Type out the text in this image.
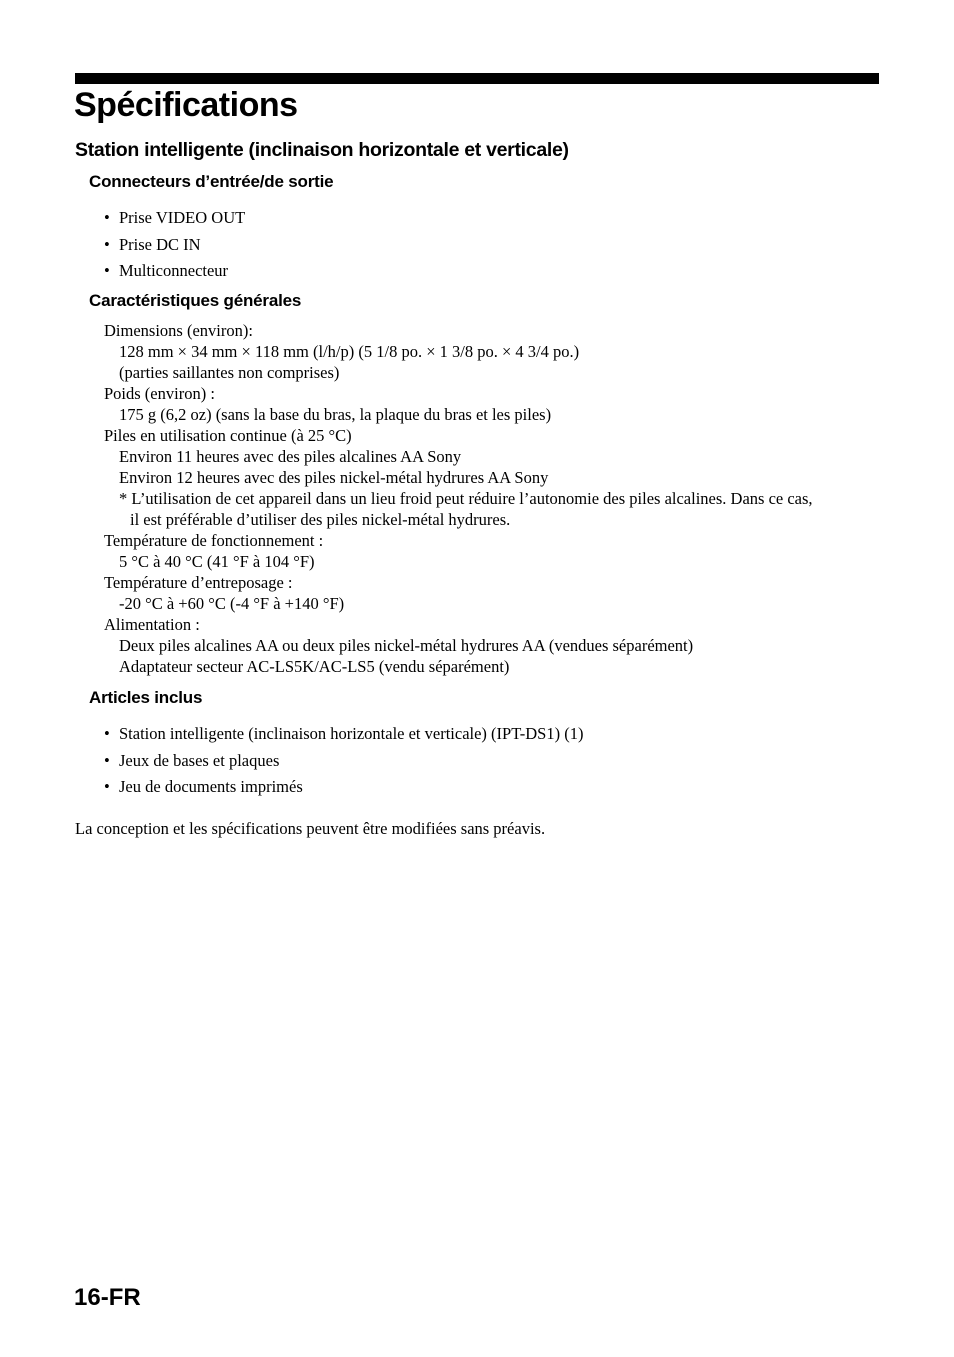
Spécifications
Station intelligente (inclinaison horizontale et verticale)
Connecteurs d’entrée/de sortie
• Prise VIDEO OUT
• Prise DC IN
• Multiconnecteur
Caractéristiques générales
Dimensions (environ):
128 mm × 34 mm × 118 mm (l/h/p) (5 1/8 po. × 1 3/8 po. × 4 3/4 po.)
(parties saillantes non comprises)
Poids (environ) :
175 g (6,2 oz) (sans la base du bras, la plaque du bras et les piles)
Piles en utilisation continue (à 25 °C)
Environ 11 heures avec des piles alcalines AA Sony
Environ 12 heures avec des piles nickel-métal hydrures AA Sony
* L’utilisation de cet appareil dans un lieu froid peut réduire l’autonomie des piles alcalines. Dans ce cas,
il est préférable d’utiliser des piles nickel-métal hydrures.
Température de fonctionnement :
5 °C à 40 °C (41 °F à 104 °F)
Température d’entreposage :
-20 °C à +60 °C (-4 °F à +140 °F)
Alimentation :
Deux piles alcalines AA ou deux piles nickel-métal hydrures AA (vendues séparément)
Adaptateur secteur AC-LS5K/AC-LS5 (vendu séparément)
Articles inclus
• Station intelligente (inclinaison horizontale et verticale) (IPT-DS1) (1)
• Jeux de bases et plaques
• Jeu de documents imprimés

La conception et les spécifications peuvent être modifiées sans préavis.

16-FR
